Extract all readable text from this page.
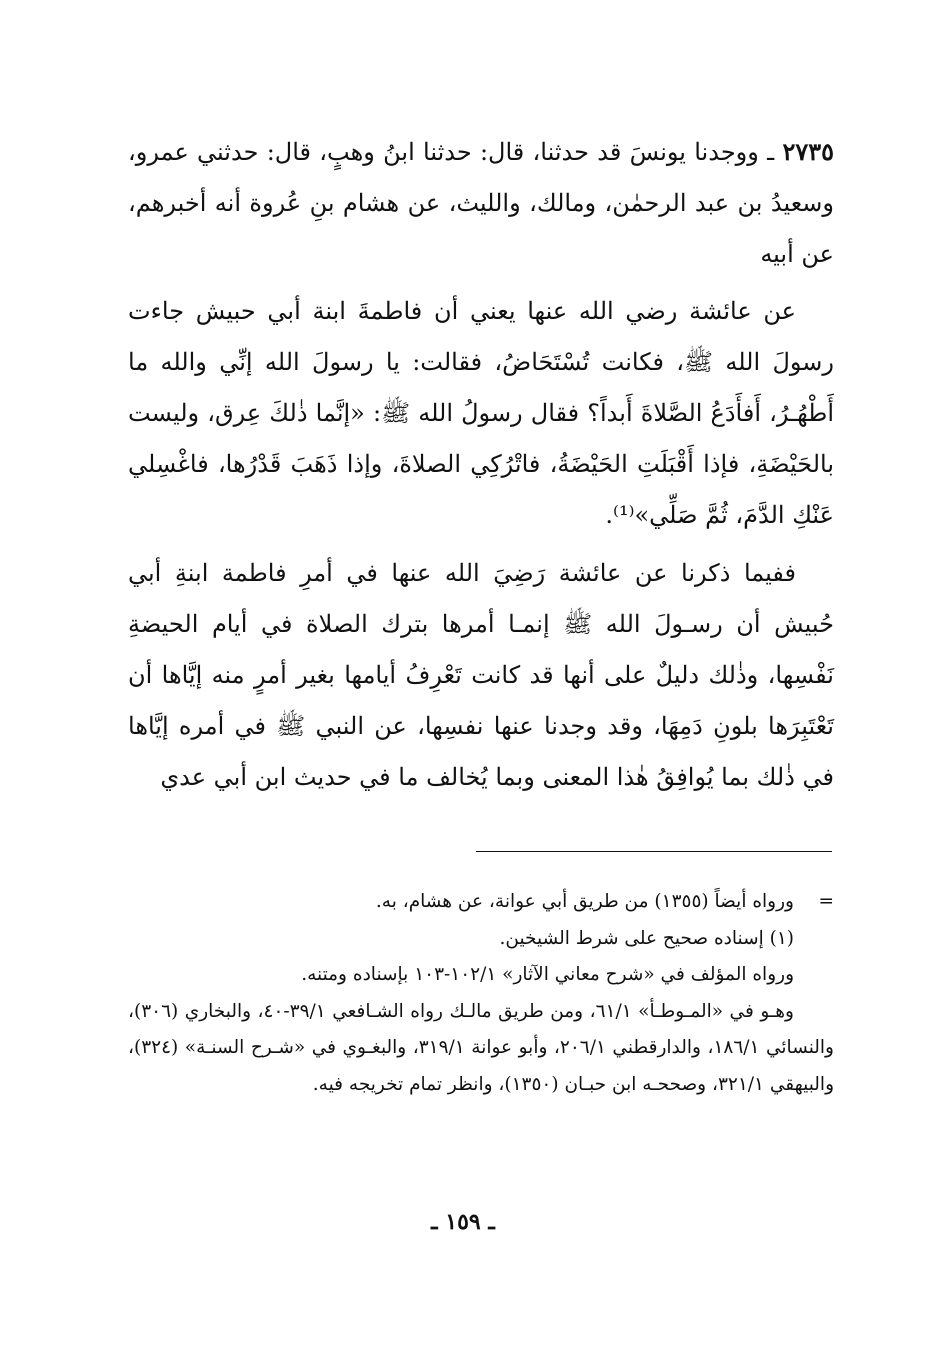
٢٧٣٥ ـ ووجدنا يونسَ قد حدثنا، قال: حدثنا ابنُ وهبٍ، قال: حدثني عمرو، وسعيدُ بن عبد الرحمٰن، ومالك، والليث، عن هشام بنِ عُروة أنه أخبرهم، عن أبيه

عن عائشة رضي الله عنها يعني أن فاطمةَ ابنة أبي حبيش جاءت رسولَ الله ﷺ، فكانت تُسْتَحَاضُ، فقالت: يا رسولَ الله إنِّي والله ما أَطْهُـرُ، أَفأَدَعُ الصَّلاةَ أَبداً؟ فقال رسولُ الله ﷺ: «إنَّما ذٰلكَ عِرق، وليست بالحَيْضَةِ، فإذا أَقْبَلَتِ الحَيْضَةُ، فاتْرُكِي الصلاةَ، وإذا ذَهَبَ قَدْرُها، فاغْسِلي عَنْكِ الدَّمَ، ثُمَّ صَلِّي»⁽¹⁾.

ففيما ذكرنا عن عائشة رَضِيَ الله عنها في أمرِ فاطمة ابنةِ أبي حُبيش أن رسـولَ الله ﷺ إنمـا أمرها بترك الصلاة في أيام الحيضةِ نَفْسِها، وذٰلك دليلٌ على أنها قد كانت تَعْرِفُ أيامها بغير أمرٍ منه إيَّاها أن تَعْتَبِرَها بلونِ دَمِهَا، وقد وجدنا عنها نفسِها، عن النبي ﷺ في أمره إيَّاها في ذٰلك بما يُوافِقُ هٰذا المعنى وبما يُخالف ما في حديث ابن أبي عدي

=
ورواه أيضاً (١٣٥٥) من طريق أبي عوانة، عن هشام، به.

(١) إسناده صحيح على شرط الشيخين.

ورواه المؤلف في «شرح معاني الآثار» ١٠٢/١-١٠٣ بإسناده ومتنه.

وهـو في «المـوطـأ» ٦١/١، ومن طريق مالـك رواه الشـافعي ٣٩/١-٤٠، والبخاري (٣٠٦)، والنسائي ١٨٦/١، والدارقطني ٢٠٦/١، وأبو عوانة ٣١٩/١، والبغـوي في «شـرح السنـة» (٣٢٤)، والبيهقي ٣٢١/١، وصححـه ابن حبـان (١٣٥٠)، وانظر تمام تخريجه فيه.

ـ ١٥٩ ـ
